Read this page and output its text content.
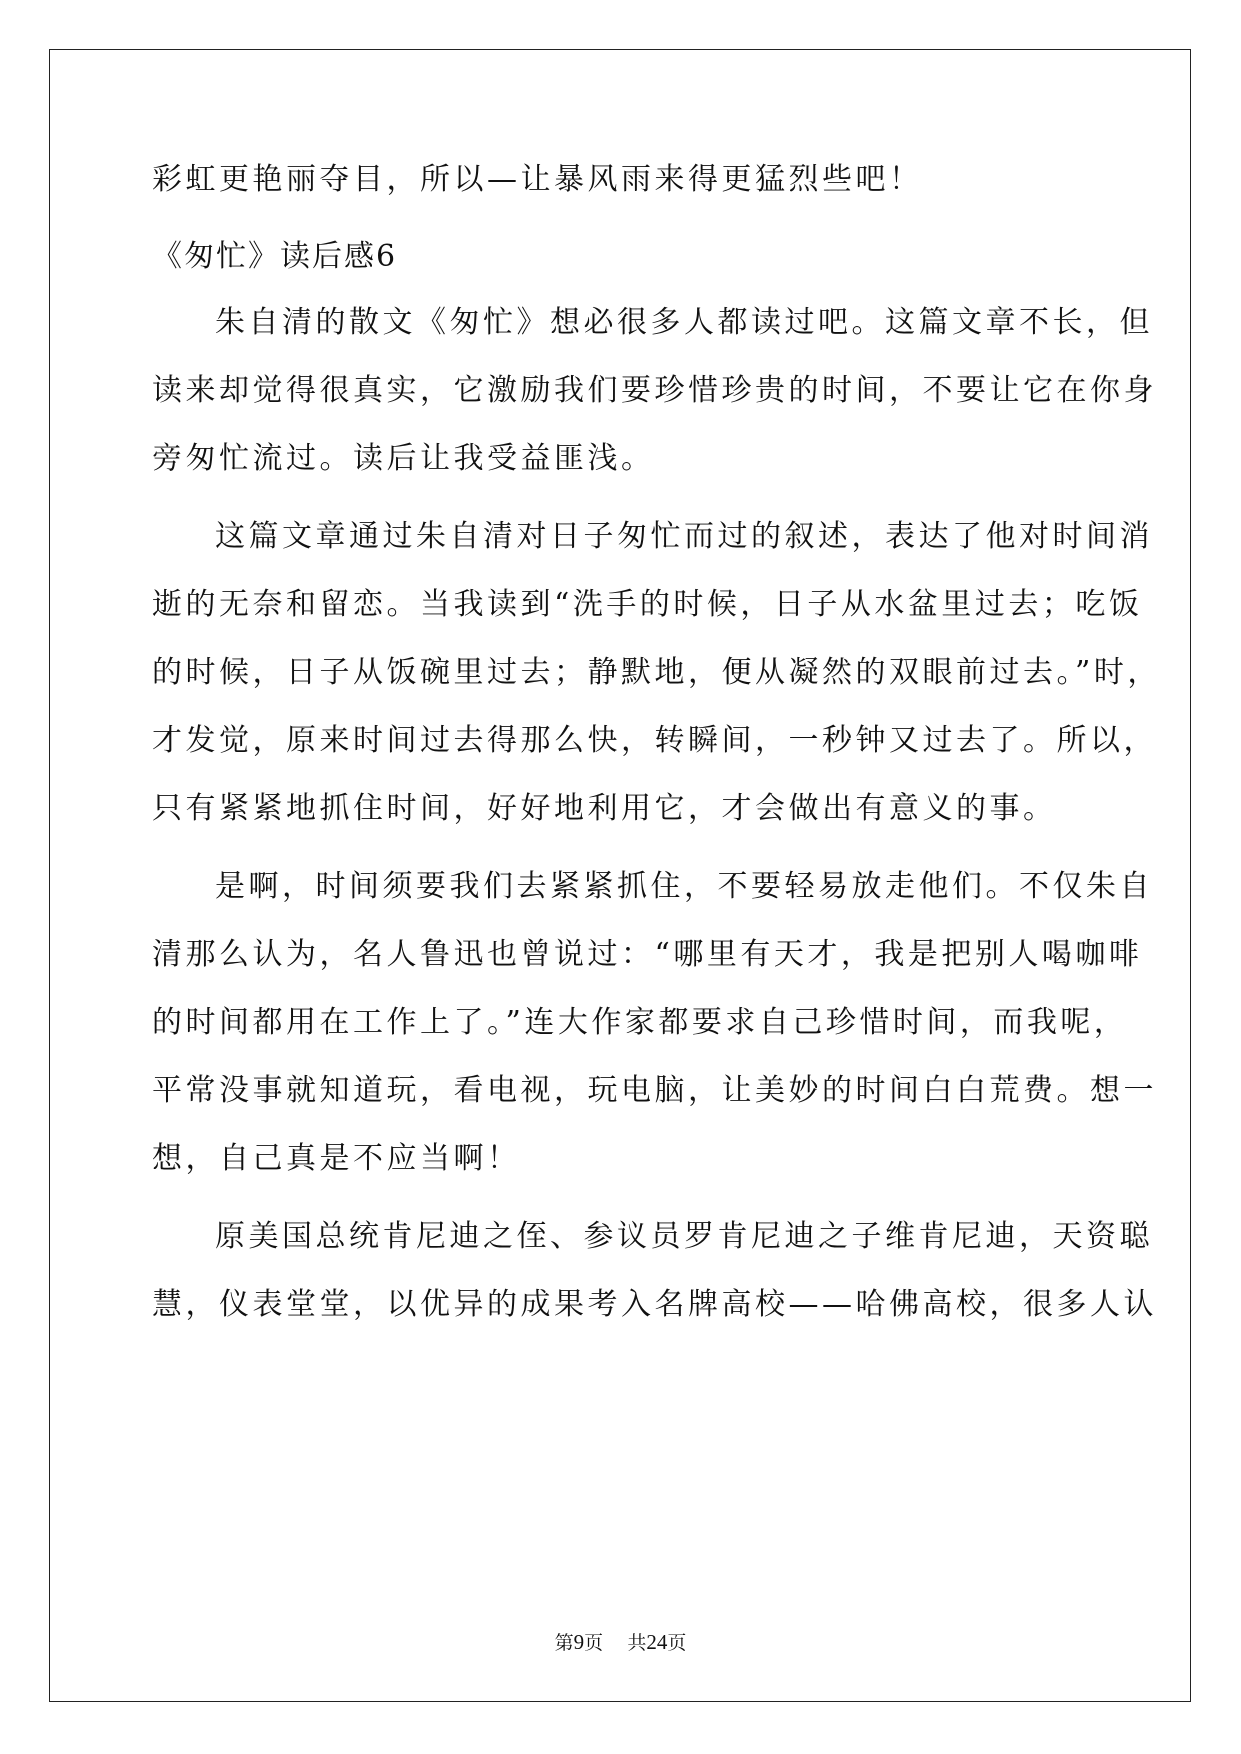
彩虹更艳丽夺目，所以—让暴风雨来得更猛烈些吧！
《匆忙》读后感6
朱自清的散文《匆忙》想必很多人都读过吧。这篇文章不长，但
读来却觉得很真实，它激励我们要珍惜珍贵的时间，不要让它在你身
旁匆忙流过。读后让我受益匪浅。
这篇文章通过朱自清对日子匆忙而过的叙述，表达了他对时间消
逝的无奈和留恋。当我读到“洗手的时候，日子从水盆里过去；吃饭
的时候，日子从饭碗里过去；静默地，便从凝然的双眼前过去。”时，
才发觉，原来时间过去得那么快，转瞬间，一秒钟又过去了。所以，
只有紧紧地抓住时间，好好地利用它，才会做出有意义的事。
是啊，时间须要我们去紧紧抓住，不要轻易放走他们。不仅朱自
清那么认为，名人鲁迅也曾说过：“哪里有天才，我是把别人喝咖啡
的时间都用在工作上了。”连大作家都要求自己珍惜时间，而我呢，
平常没事就知道玩，看电视，玩电脑，让美妙的时间白白荒费。想一
想，自己真是不应当啊！
原美国总统肯尼迪之侄、参议员罗肯尼迪之子维肯尼迪，天资聪
慧，仪表堂堂，以优异的成果考入名牌高校——哈佛高校，很多人认
第9页 共24页
